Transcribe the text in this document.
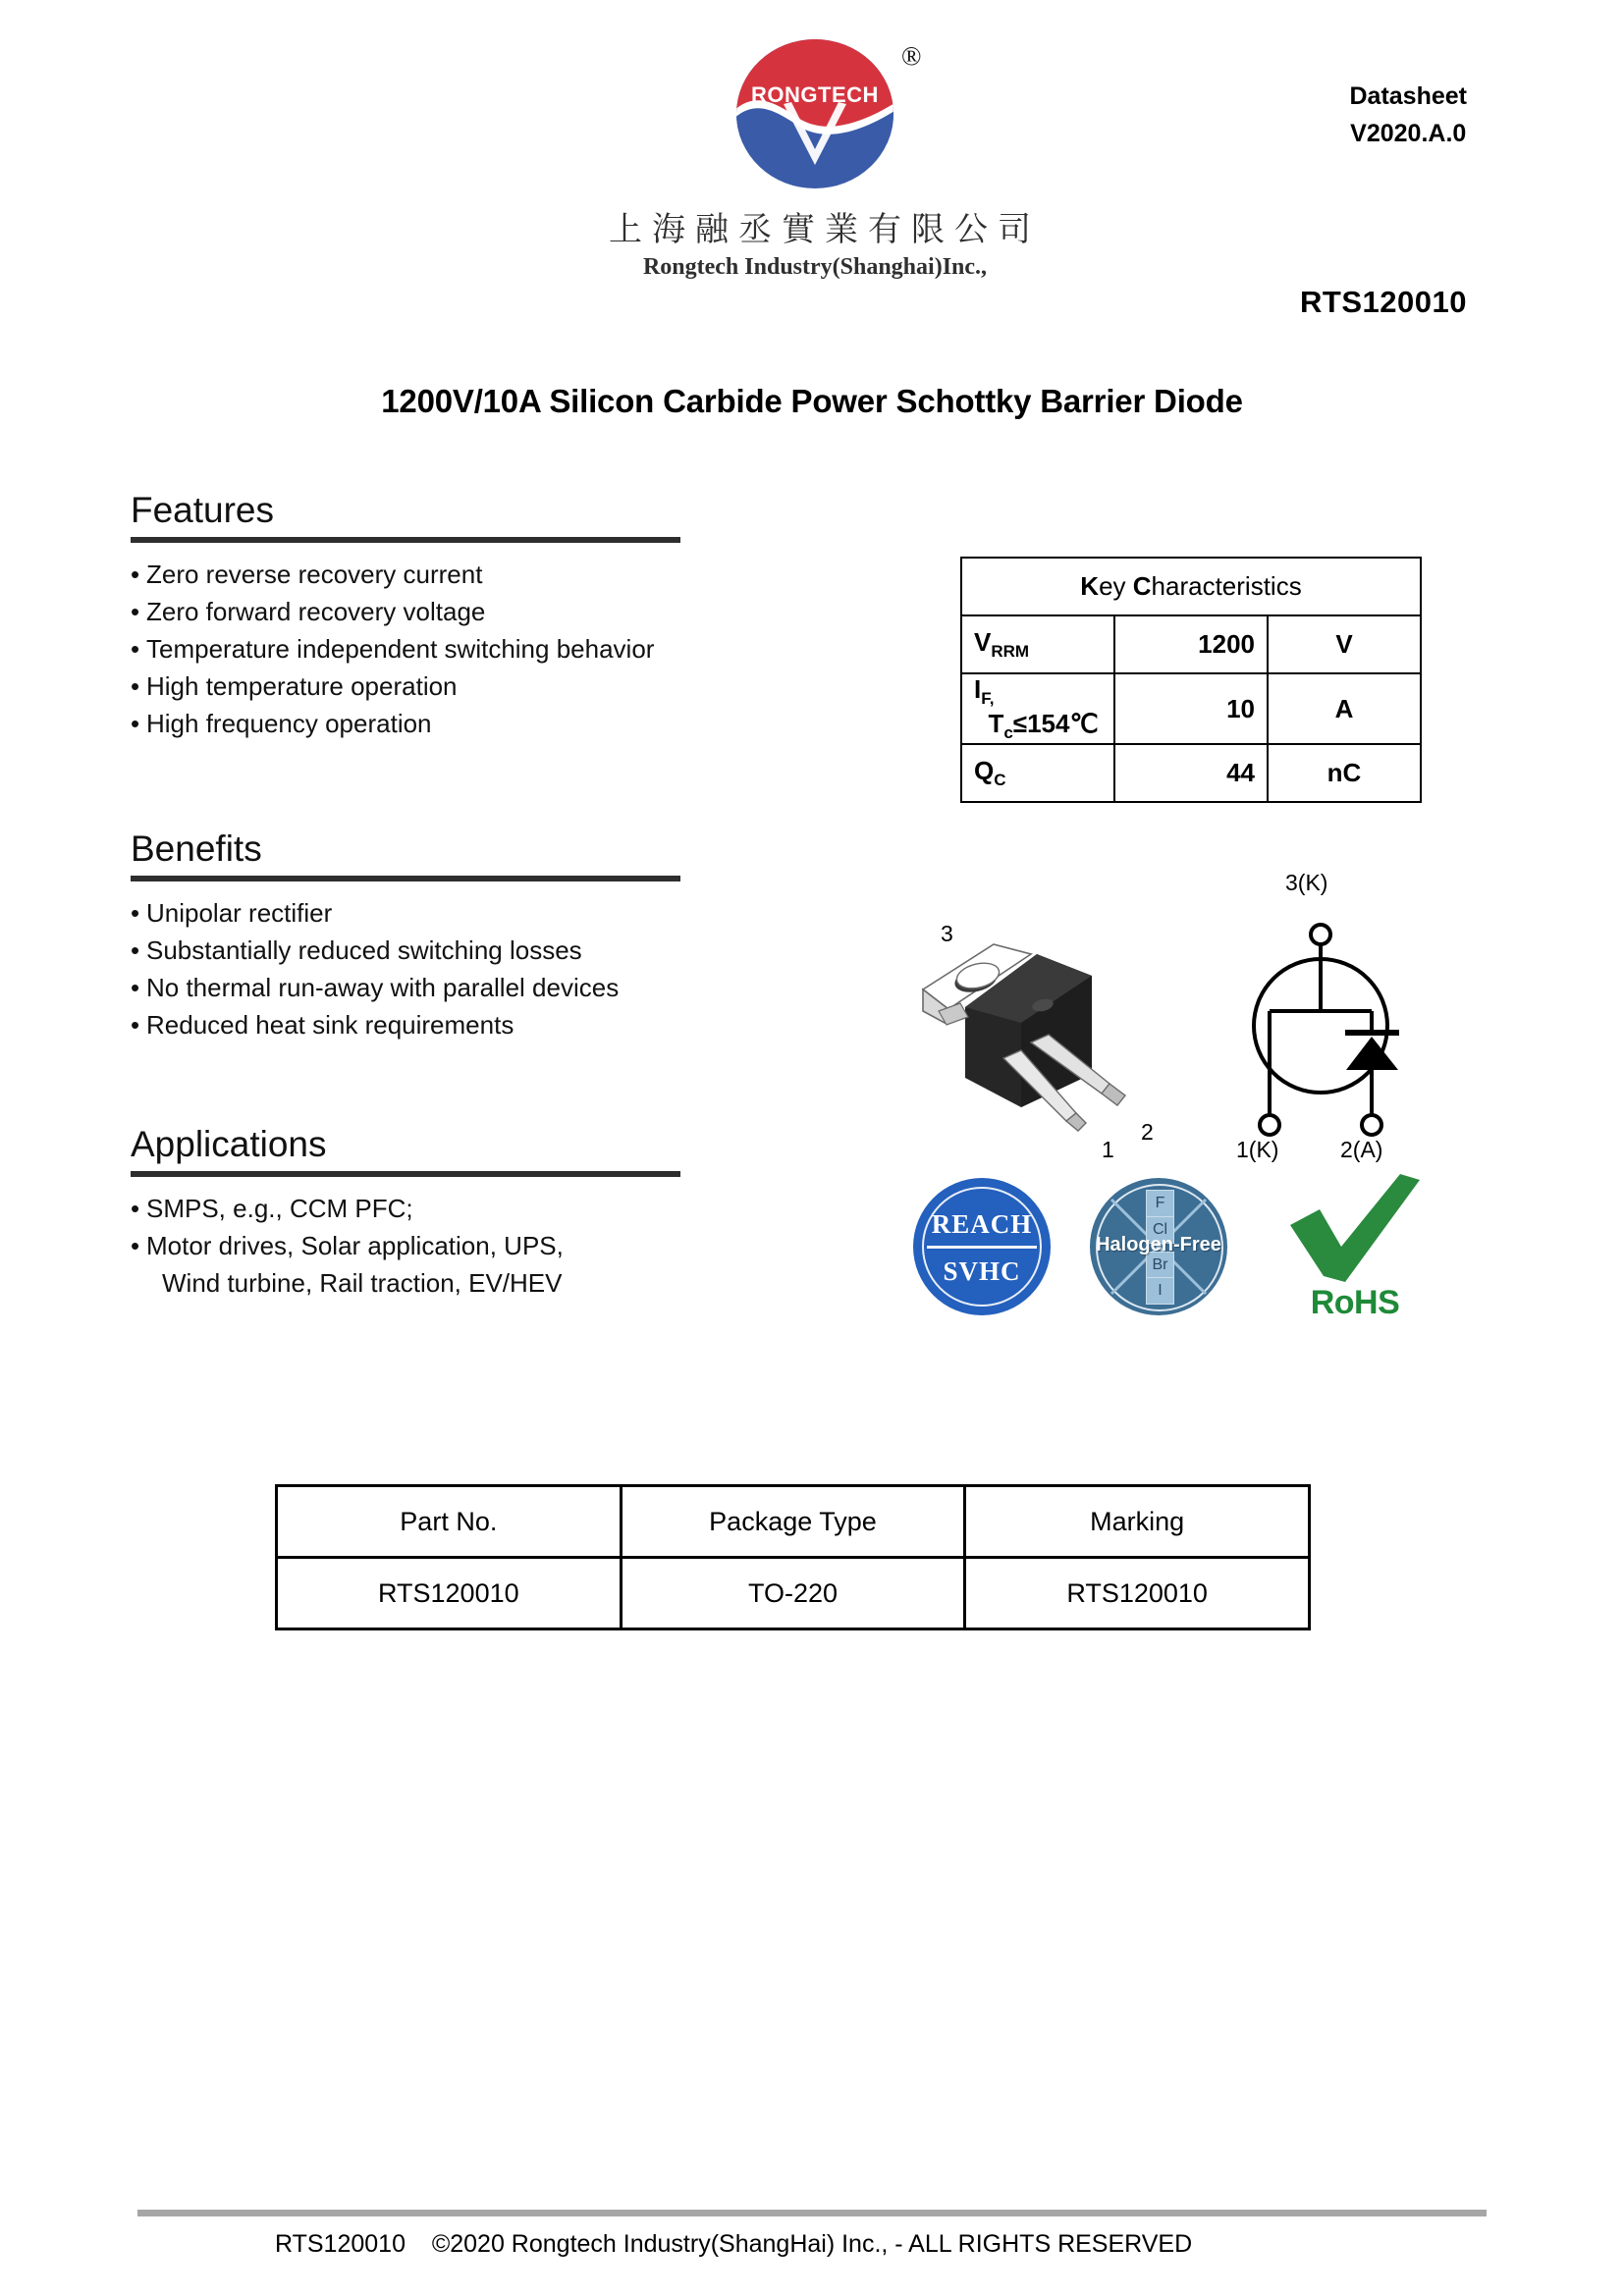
RONGTECH
®
上海融丞實業有限公司
Rongtech Industry(Shanghai)Inc.,
Datasheet
V2020.A.0
RTS120010
1200V/10A Silicon Carbide Power Schottky Barrier Diode
Features
• Zero reverse recovery current
• Zero forward recovery voltage
• Temperature independent switching behavior
• High temperature operation
• High frequency operation
Benefits
• Unipolar rectifier
• Substantially reduced switching losses
• No thermal run-away with parallel devices
• Reduced heat sink requirements
Applications
• SMPS, e.g., CCM PFC;
• Motor drives, Solar application, UPS,
Wind turbine, Rail traction, EV/HEV
Key Characteristics		
$V_{RRM}$	1200	V
$I_{F,}$  $T_c\le 154℃$	10	A
$Q_C$	44	nC
3
2
1
3(K)
1(K)	2(A)
REACH
SVHC
F
Cl
Br
I
Halogen-Free
RoHS
Part No.	Package Type	Marking
RTS120010	TO-220	RTS120010
©2020 Rongtech Industry(ShangHai) Inc., - ALL RIGHTS RESERVED
RTS120010
